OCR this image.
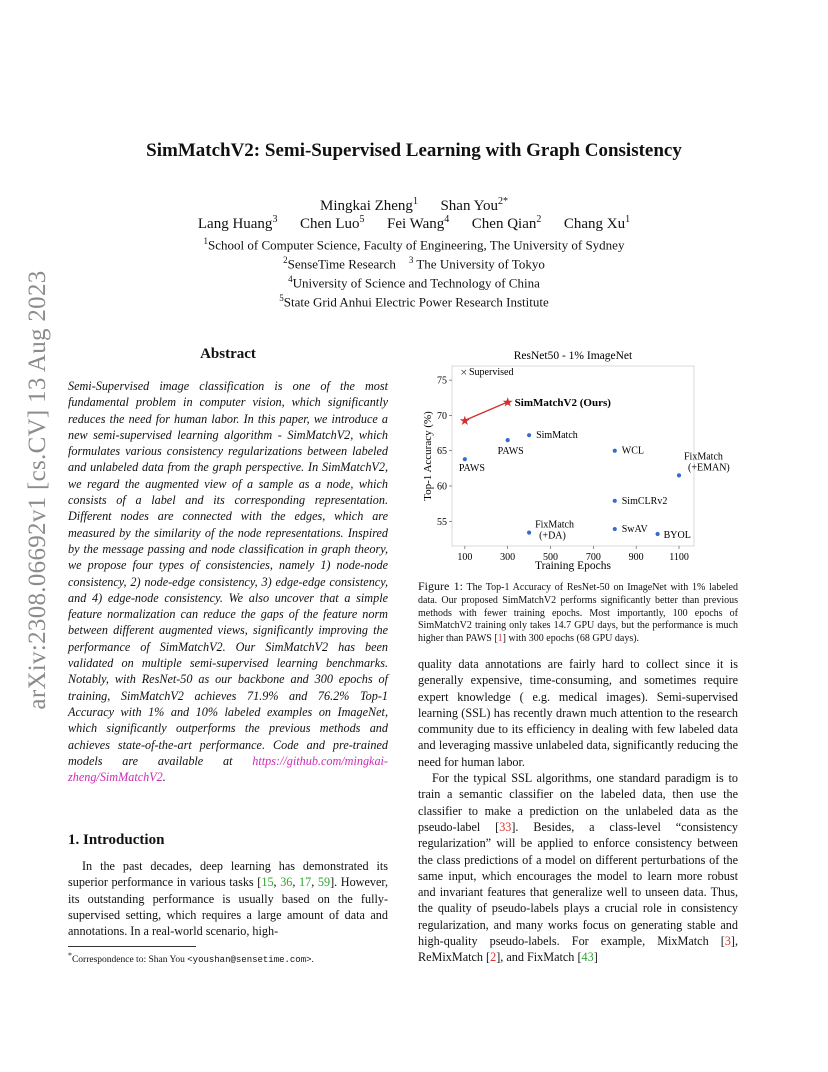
arXiv:2308.06692v1 [cs.CV] 13 Aug 2023
SimMatchV2: Semi-Supervised Learning with Graph Consistency
Mingkai Zheng$^1$ Shan You$^{2*}$
Lang Huang$^3$ Chen Luo$^5$ Fei Wang$^4$ Chen Qian$^2$ Chang Xu$^1$
$^1$School of Computer Science, Faculty of Engineering, The University of Sydney
$^2$SenseTime Research $^3$ The University of Tokyo
$^4$University of Science and Technology of China
$^5$State Grid Anhui Electric Power Research Institute
Abstract

Semi-Supervised image classification is one of the most fundamental problem in computer vision, which significantly reduces the need for human labor. In this paper, we introduce a new semi-supervised learning algorithm - SimMatchV2, which formulates various consistency regularizations between labeled and unlabeled data from the graph perspective. In SimMatchV2, we regard the augmented view of a sample as a node, which consists of a label and its corresponding representation. Different nodes are connected with the edges, which are measured by the similarity of the node representations. Inspired by the message passing and node classification in graph theory, we propose four types of consistencies, namely 1) node-node consistency, 2) node-edge consistency, 3) edge-edge consistency, and 4) edge-node consistency. We also uncover that a simple feature normalization can reduce the gaps of the feature norm between different augmented views, significantly improving the performance of SimMatchV2. Our SimMatchV2 has been validated on multiple semi-supervised learning benchmarks. Notably, with ResNet-50 as our backbone and 300 epochs of training, SimMatchV2 achieves 71.9% and 76.2% Top-1 Accuracy with 1% and 10% labeled examples on ImageNet, which significantly outperforms the previous methods and achieves state-of-the-art performance. Code and pre-trained models are available at https://github.com/mingkai-zheng/SimMatchV2.

1. Introduction

In the past decades, deep learning has demonstrated its superior performance in various tasks [15, 36, 17, 59]. However, its outstanding performance is usually based on the fully-supervised setting, which requires a large amount of data and annotations. In a real-world scenario, high-

*Correspondence to: Shan You <youshan@sensetime.com>.
ResNet50 - 1% ImageNet
Training Epochs
Top-1 Accuracy (%)
100	300	500	700	900	1100
55
60
65
70
75
× Supervised
PAWS
PAWS
SimMatch
WCL
FixMatch (+EMAN)
SimCLRv2
FixMatch (+DA)
SwAV
BYOL
★
★ SimMatchV2 (Ours)

Figure 1: The Top-1 Accuracy of ResNet-50 on ImageNet with 1% labeled data. Our proposed SimMatchV2 performs significantly better than previous methods with fewer training epochs. Most importantly, 100 epochs of SimMatchV2 training only takes 14.7 GPU days, but the performance is much higher than PAWS [1] with 300 epochs (68 GPU days).

quality data annotations are fairly hard to collect since it is generally expensive, time-consuming, and sometimes require expert knowledge ( e.g. medical images). Semi-supervised learning (SSL) has recently drawn much attention to the research community due to its efficiency in dealing with few labeled data and leveraging massive unlabeled data, significantly reducing the need for human labor.

For the typical SSL algorithms, one standard paradigm is to train a semantic classifier on the labeled data, then use the classifier to make a prediction on the unlabeled data as the pseudo-label [33]. Besides, a class-level “consistency regularization” will be applied to enforce consistency between the class predictions of a model on different perturbations of the same input, which encourages the model to learn more robust and invariant features that generalize well to unseen data. Thus, the quality of pseudo-labels plays a crucial role in consistency regularization, and many works focus on generating stable and high-quality pseudo-labels. For example, MixMatch [3], ReMixMatch [2], and FixMatch [43]
